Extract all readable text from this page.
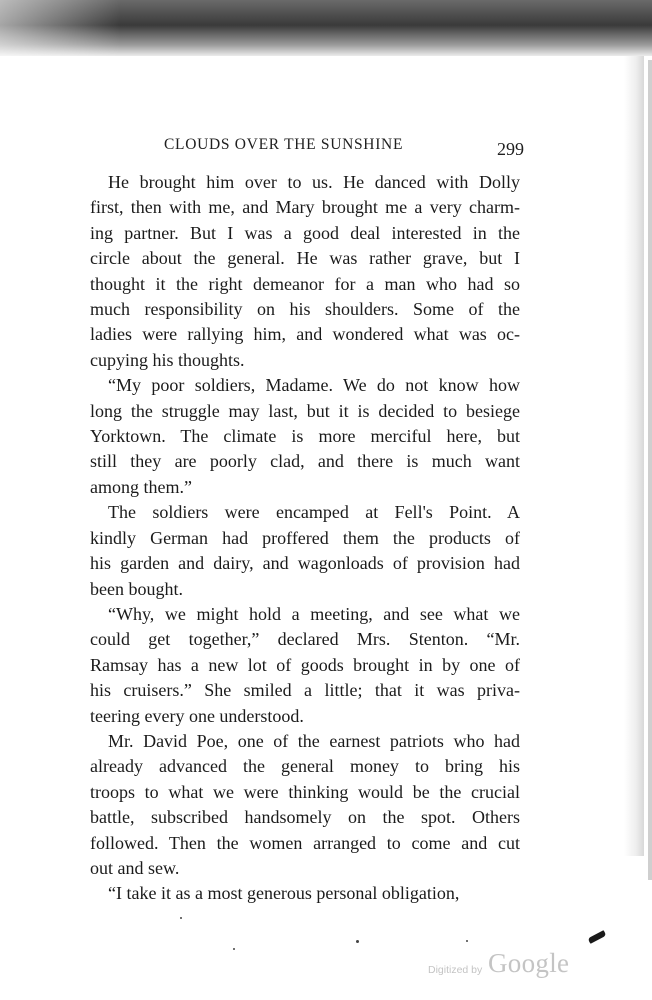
CLOUDS OVER THE SUNSHINE	299
He brought him over to us. He danced with Dolly
first, then with me, and Mary brought me a very charm-
ing partner. But I was a good deal interested in the
circle about the general. He was rather grave, but I
thought it the right demeanor for a man who had so
much responsibility on his shoulders. Some of the
ladies were rallying him, and wondered what was oc-
cupying his thoughts.
“My poor soldiers, Madame. We do not know how
long the struggle may last, but it is decided to besiege
Yorktown. The climate is more merciful here, but
still they are poorly clad, and there is much want
among them.”
The soldiers were encamped at Fell's Point. A
kindly German had proffered them the products of
his garden and dairy, and wagonloads of provision had
been bought.
“Why, we might hold a meeting, and see what we
could get together,” declared Mrs. Stenton. “Mr.
Ramsay has a new lot of goods brought in by one of
his cruisers.” She smiled a little; that it was priva-
teering every one understood.
Mr. David Poe, one of the earnest patriots who had
already advanced the general money to bring his
troops to what we were thinking would be the crucial
battle, subscribed handsomely on the spot. Others
followed. Then the women arranged to come and cut
out and sew.
“I take it as a most generous personal obligation,
Digitized by Google
